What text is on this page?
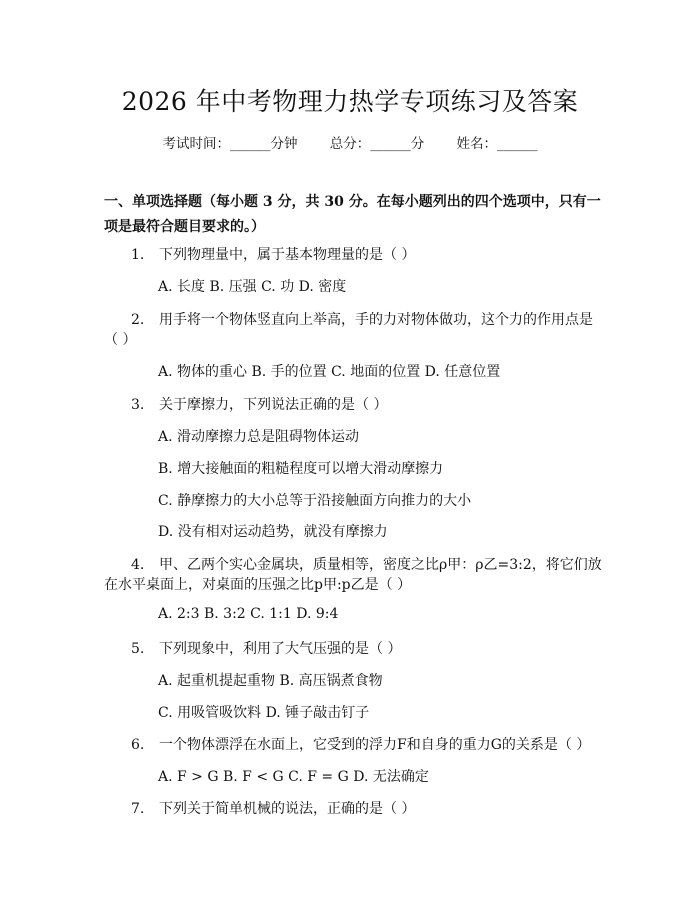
2026 年中考物理力热学专项练习及答案
考试时间：______分钟 总分：______分 姓名：______
一、单项选择题（每小题 3 分，共 30 分。在每小题列出的四个选项中，只有一项是最符合题目要求的。）
1. 下列物理量中，属于基本物理量的是（ ）
A. 长度 B. 压强 C. 功 D. 密度
2. 用手将一个物体竖直向上举高，手的力对物体做功，这个力的作用点是
（ ）
A. 物体的重心 B. 手的位置 C. 地面的位置 D. 任意位置
3. 关于摩擦力，下列说法正确的是（ ）
A. 滑动摩擦力总是阻碍物体运动
B. 增大接触面的粗糙程度可以增大滑动摩擦力
C. 静摩擦力的大小总等于沿接触面方向推力的大小
D. 没有相对运动趋势，就没有摩擦力
4. 甲、乙两个实心金属块，质量相等，密度之比ρ甲：ρ乙=3:2，将它们放
在水平桌面上，对桌面的压强之比p甲:p乙是（ ）
A. 2:3 B. 3:2 C. 1:1 D. 9:4
5. 下列现象中，利用了大气压强的是（ ）
A. 起重机提起重物 B. 高压锅煮食物
C. 用吸管吸饮料 D. 锤子敲击钉子
6. 一个物体漂浮在水面上，它受到的浮力F和自身的重力G的关系是（ ）
A. F > G B. F < G C. F = G D. 无法确定
7. 下列关于简单机械的说法，正确的是（ ）
